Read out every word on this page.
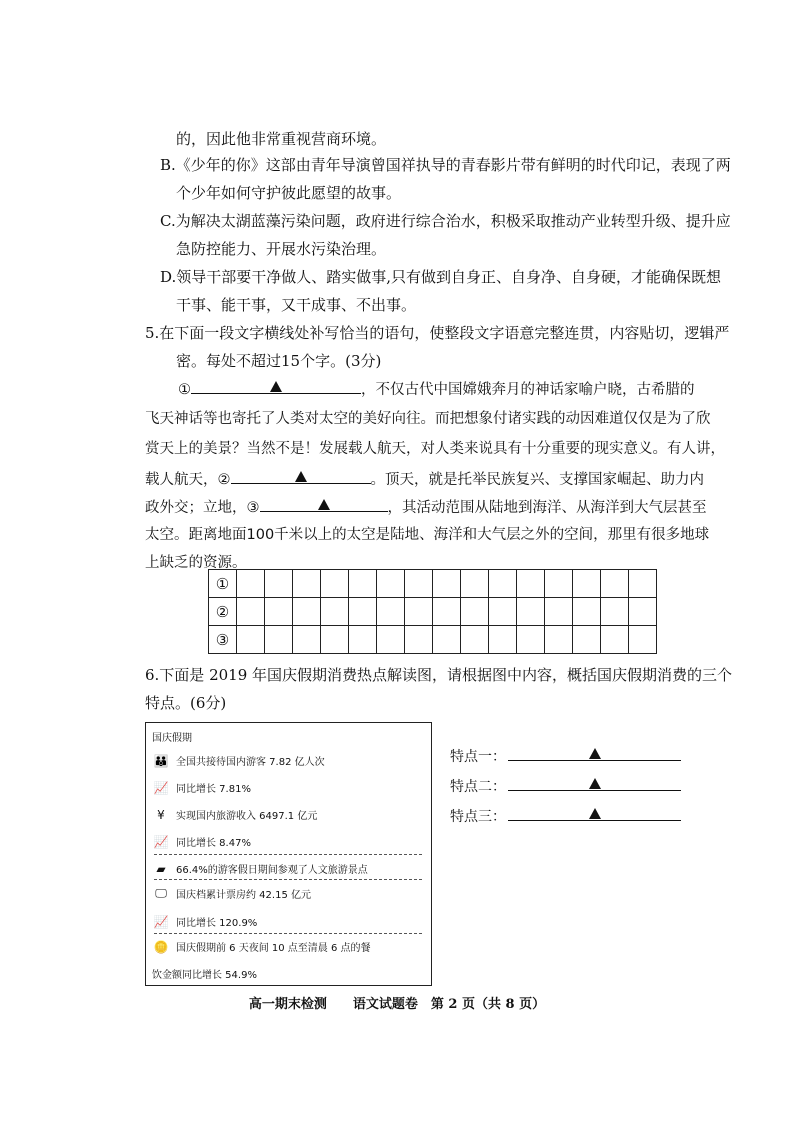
的，因此他非常重视营商环境。
B.《少年的你》这部由青年导演曾国祥执导的青春影片带有鲜明的时代印记，表现了两
个少年如何守护彼此愿望的故事。
C.为解决太湖蓝藻污染问题，政府进行综合治水，积极采取推动产业转型升级、提升应
急防控能力、开展水污染治理。
D.领导干部要干净做人、踏实做事,只有做到自身正、自身净、自身硬，才能确保既想
干事、能干事，又干成事、不出事。
5.在下面一段文字横线处补写恰当的语句，使整段文字语意完整连贯，内容贴切，逻辑严
密。每处不超过15个字。(3分)
①	，不仅古代中国嫦娥奔月的神话家喻户晓，古希腊的
飞天神话等也寄托了人类对太空的美好向往。而把想象付诸实践的动因难道仅仅是为了欣
赏天上的美景？当然不是！发展载人航天，对人类来说具有十分重要的现实意义。有人讲，
载人航天，②	。顶天，就是托举民族复兴、支撑国家崛起、助力内
政外交；立地，③	，其活动范围从陆地到海洋、从海洋到大气层甚至
太空。距离地面100千米以上的太空是陆地、海洋和大气层之外的空间，那里有很多地球
上缺乏的资源。
①															
②															
③															
6.下面是 2019 年国庆假期消费热点解读图，请根据图中内容，概括国庆假期消费的三个
特点。(6分)
国庆假期
👪 全国共接待国内游客 7.82 亿人次
📈 同比增长 7.81%
¥	实现国内旅游收入 6497.1 亿元
📈 同比增长 8.47%
▰	66.4%的游客假日期间参观了人文旅游景点
🖵 国庆档累计票房约 42.15 亿元
📈 同比增长 120.9%
🪙 国庆假期前 6 天夜间 10 点至清晨 6 点的餐
饮金额同比增长 54.9%
特点一：
特点二：
特点三：
高一期末检测　　语文试题卷　第 2 页（共 8 页）
